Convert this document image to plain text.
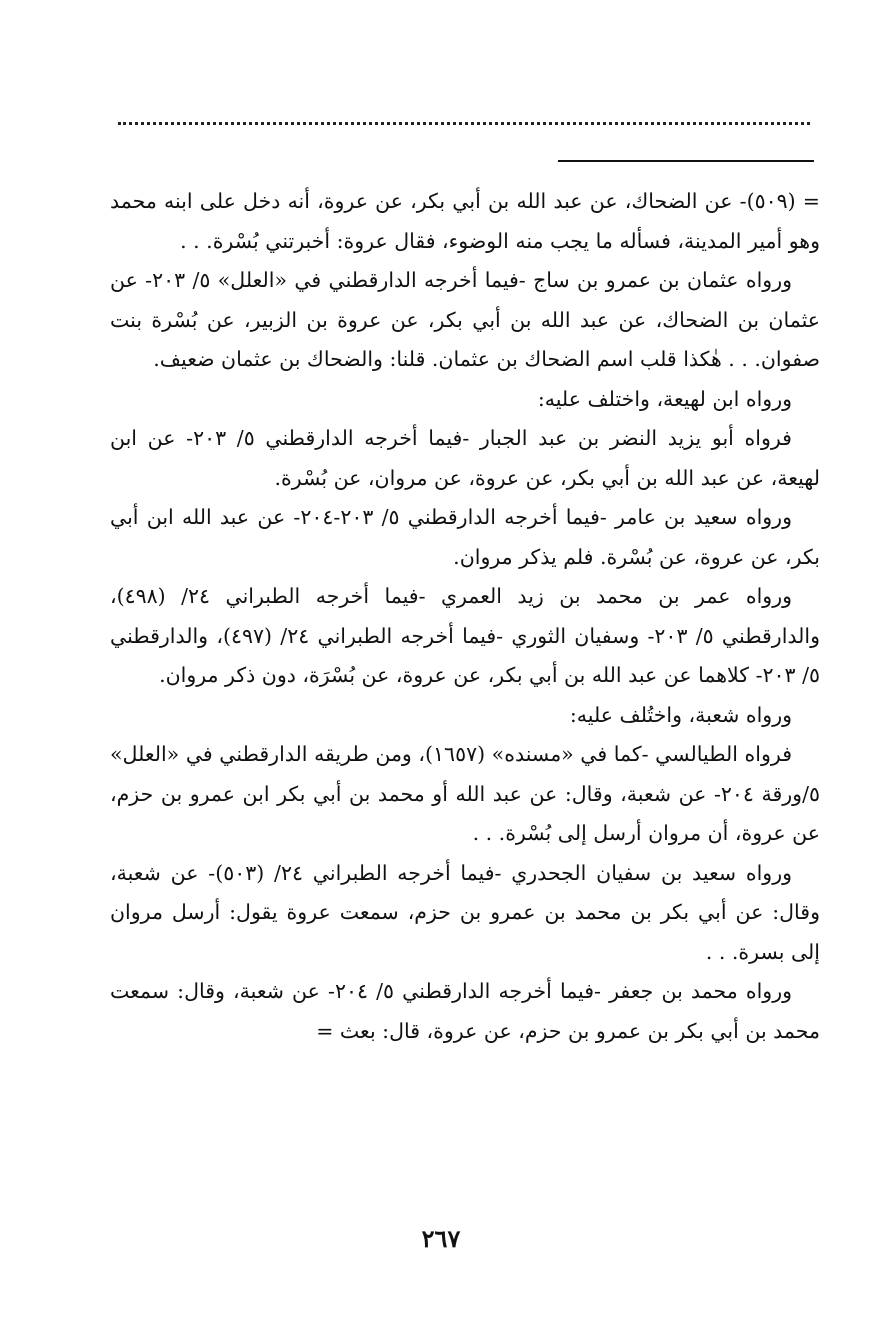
= (٥٠٩)- عن الضحاك، عن عبد الله بن أبي بكر، عن عروة، أنه دخل على ابنه محمد وهو أمير المدينة، فسأله ما يجب منه الوضوء، فقال عروة: أخبرتني بُسْرة. . .

ورواه عثمان بن عمرو بن ساج -فيما أخرجه الدارقطني في «العلل» ٥/ ٢٠٣- عن عثمان بن الضحاك، عن عبد الله بن أبي بكر، عن عروة بن الزبير، عن بُسْرة بنت صفوان. . . هٰكذا قلب اسم الضحاك بن عثمان. قلنا: والضحاك بن عثمان ضعيف.

ورواه ابن لهيعة، واختلف عليه:

فرواه أبو يزيد النضر بن عبد الجبار -فيما أخرجه الدارقطني ٥/ ٢٠٣- عن ابن لهيعة، عن عبد الله بن أبي بكر، عن عروة، عن مروان، عن بُسْرة.

ورواه سعيد بن عامر -فيما أخرجه الدارقطني ٥/ ٢٠٣-٢٠٤- عن عبد الله ابن أبي بكر، عن عروة، عن بُسْرة. فلم يذكر مروان.

ورواه عمر بن محمد بن زيد العمري -فيما أخرجه الطبراني ٢٤/ (٤٩٨)، والدارقطني ٥/ ٢٠٣- وسفيان الثوري -فيما أخرجه الطبراني ٢٤/ (٤٩٧)، والدارقطني ٥/ ٢٠٣- كلاهما عن عبد الله بن أبي بكر، عن عروة، عن بُسْرَة، دون ذكر مروان.

ورواه شعبة، واختُلف عليه:

فرواه الطيالسي -كما في «مسنده» (١٦٥٧)، ومن طريقه الدارقطني في «العلل» ٥/ورقة ٢٠٤- عن شعبة، وقال: عن عبد الله أو محمد بن أبي بكر ابن عمرو بن حزم، عن عروة، أن مروان أرسل إلى بُسْرة. . .

ورواه سعيد بن سفيان الجحدري -فيما أخرجه الطبراني ٢٤/ (٥٠٣)- عن شعبة، وقال: عن أبي بكر بن محمد بن عمرو بن حزم، سمعت عروة يقول: أرسل مروان إلى بسرة. . .

ورواه محمد بن جعفر -فيما أخرجه الدارقطني ٥/ ٢٠٤- عن شعبة، وقال: سمعت محمد بن أبي بكر بن عمرو بن حزم، عن عروة، قال: بعث =

٢٦٧
